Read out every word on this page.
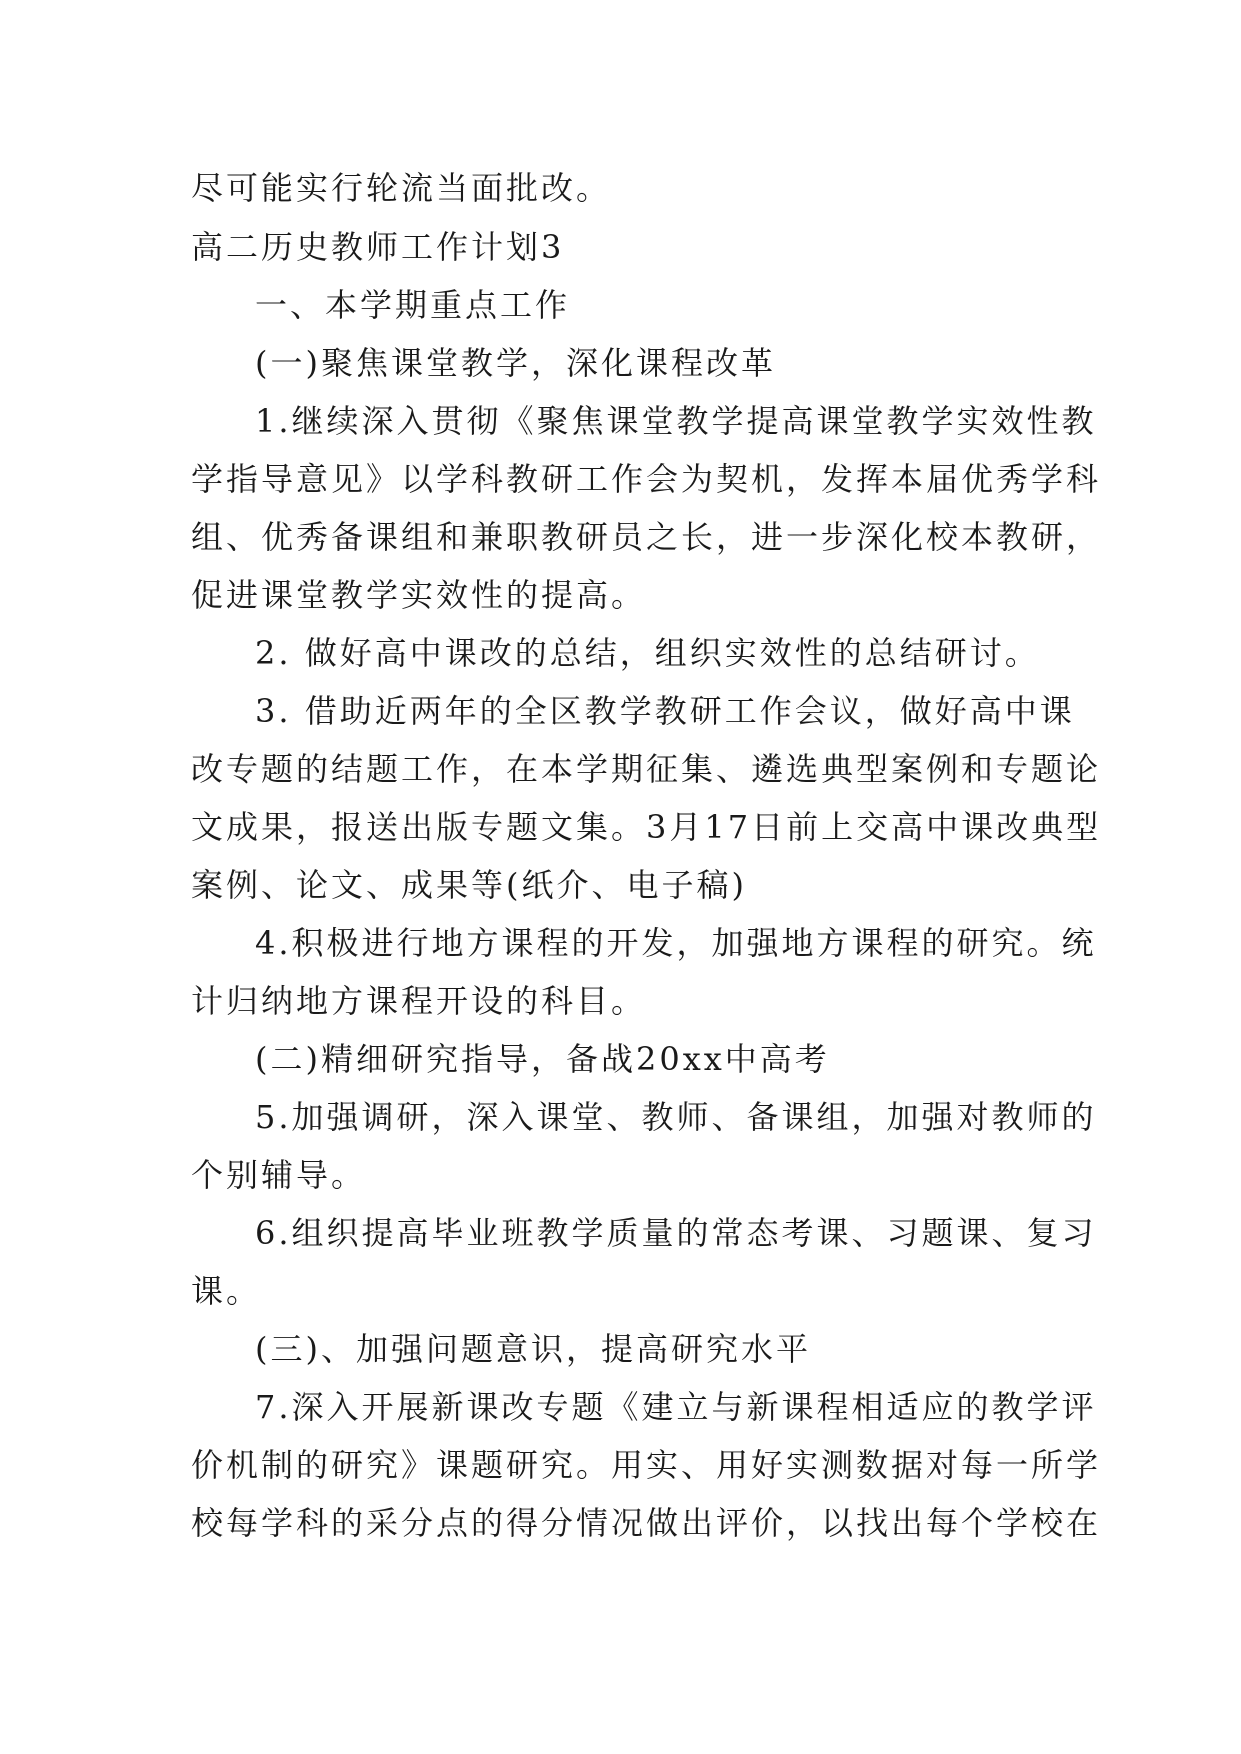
尽可能实行轮流当面批改。
高二历史教师工作计划3
一、本学期重点工作
(一)聚焦课堂教学，深化课程改革
1.继续深入贯彻《聚焦课堂教学提高课堂教学实效性教
学指导意见》以学科教研工作会为契机，发挥本届优秀学科
组、优秀备课组和兼职教研员之长，进一步深化校本教研，
促进课堂教学实效性的提高。
2. 做好高中课改的总结，组织实效性的总结研讨。
3. 借助近两年的全区教学教研工作会议，做好高中课
改专题的结题工作，在本学期征集、遴选典型案例和专题论
文成果，报送出版专题文集。3月17日前上交高中课改典型
案例、论文、成果等(纸介、电子稿)
4.积极进行地方课程的开发，加强地方课程的研究。统
计归纳地方课程开设的科目。
(二)精细研究指导，备战20xx中高考
5.加强调研，深入课堂、教师、备课组，加强对教师的
个别辅导。
6.组织提高毕业班教学质量的常态考课、习题课、复习
课。
(三)、加强问题意识，提高研究水平
7.深入开展新课改专题《建立与新课程相适应的教学评
价机制的研究》课题研究。用实、用好实测数据对每一所学
校每学科的采分点的得分情况做出评价，以找出每个学校在
